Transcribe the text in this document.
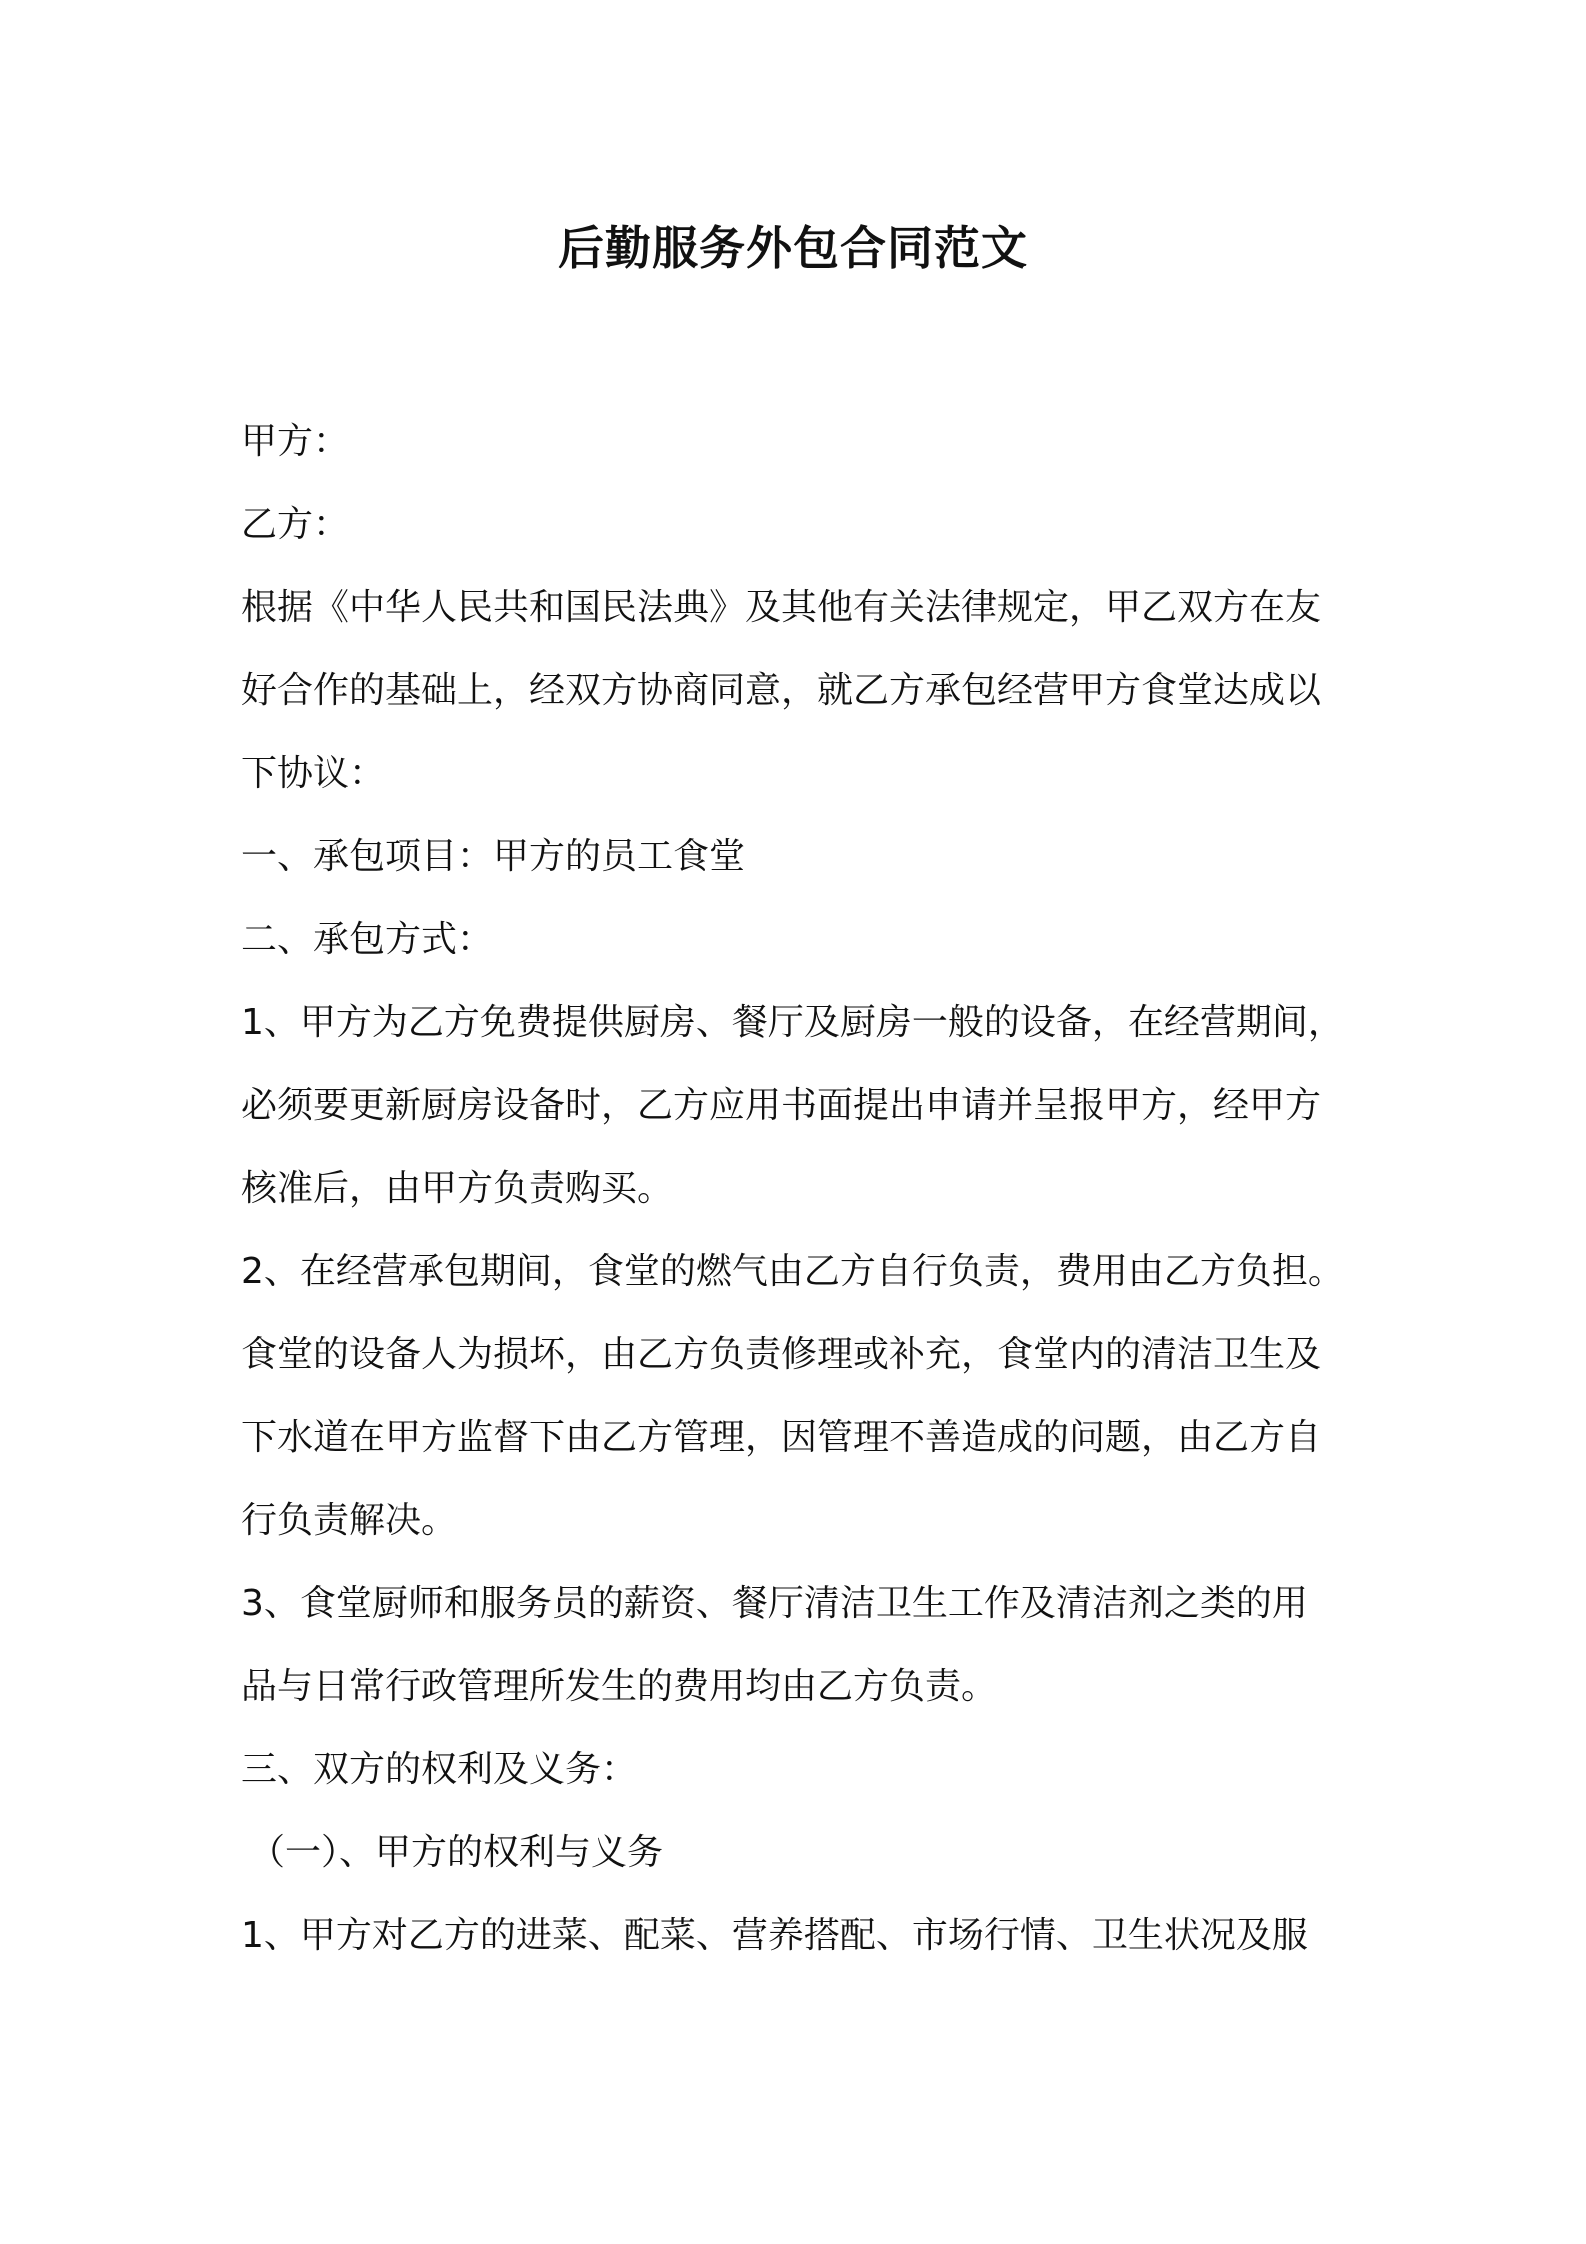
后勤服务外包合同范文
甲方：
乙方：
根据《中华人民共和国民法典》及其他有关法律规定，甲乙双方在友
好合作的基础上，经双方协商同意，就乙方承包经营甲方食堂达成以
下协议：
一、承包项目：甲方的员工食堂
二、承包方式：
1、甲方为乙方免费提供厨房、餐厅及厨房一般的设备，在经营期间，
必须要更新厨房设备时，乙方应用书面提出申请并呈报甲方，经甲方
核准后，由甲方负责购买。
2、在经营承包期间，食堂的燃气由乙方自行负责，费用由乙方负担。
食堂的设备人为损坏，由乙方负责修理或补充，食堂内的清洁卫生及
下水道在甲方监督下由乙方管理，因管理不善造成的问题，由乙方自
行负责解决。
3、食堂厨师和服务员的薪资、餐厅清洁卫生工作及清洁剂之类的用
品与日常行政管理所发生的费用均由乙方负责。
三、双方的权利及义务：
（一）、甲方的权利与义务
1、甲方对乙方的进菜、配菜、营养搭配、市场行情、卫生状况及服
